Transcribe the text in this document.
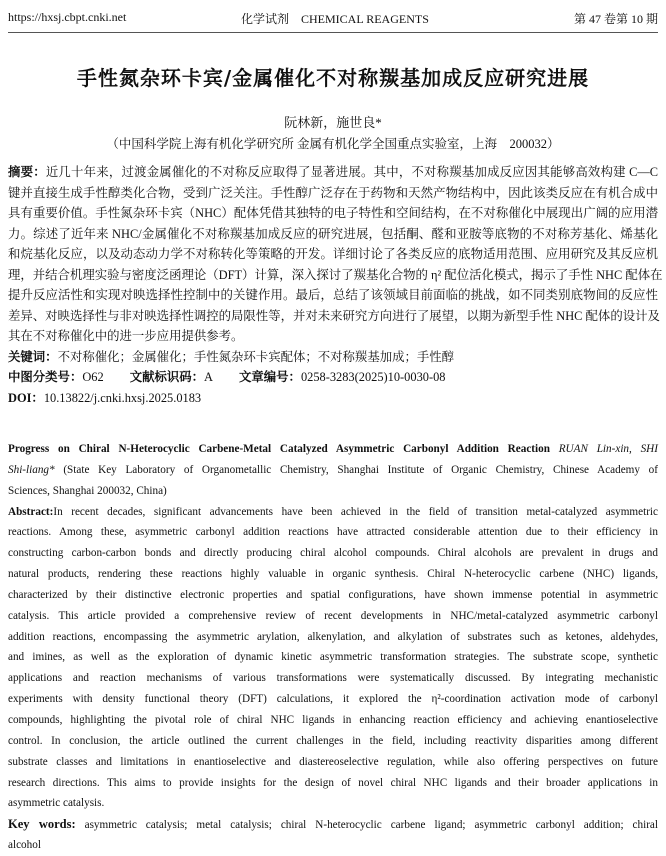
https://hxsj.cbpt.cnki.net	化学试剂　CHEMICAL REAGENTS	第 47 卷第 10 期
手性氮杂环卡宾/金属催化不对称羰基加成反应研究进展
阮林新，施世良*
（中国科学院上海有机化学研究所 金属有机化学全国重点实验室，上海　200032）
摘要：近几十年来，过渡金属催化的不对称反应取得了显著进展。其中，不对称羰基加成反应因其能够高效构建 C—C
键并直接生成手性醇类化合物，受到广泛关注。手性醇广泛存在于药物和天然产物结构中，因此该类反应在有机合成中
具有重要价值。手性氮杂环卡宾（NHC）配体凭借其独特的电子特性和空间结构，在不对称催化中展现出广阔的应用潜
力。综述了近年来 NHC/金属催化不对称羰基加成反应的研究进展，包括酮、醛和亚胺等底物的不对称芳基化、烯基化
和烷基化反应，以及动态动力学不对称转化等策略的开发。详细讨论了各类反应的底物适用范围、应用研究及其反应机
理，并结合机理实验与密度泛函理论（DFT）计算，深入探讨了羰基化合物的 η² 配位活化模式，揭示了手性 NHC 配体在
提升反应活性和实现对映选择性控制中的关键作用。最后，总结了该领域目前面临的挑战，如不同类别底物间的反应性
差异、对映选择性与非对映选择性调控的局限性等，并对未来研究方向进行了展望，以期为新型手性 NHC 配体的设计及
其在不对称催化中的进一步应用提供参考。
关键词：不对称催化；金属催化；手性氮杂环卡宾配体；不对称羰基加成；手性醇
中图分类号：O62 文献标识码：A 文章编号：0258-3283(2025)10-0030-08
DOI：10.13822/j.cnki.hxsj.2025.0183
Progress on Chiral N-Heterocyclic Carbene-Metal Catalyzed Asymmetric Carbonyl Addition Reaction RUAN Lin-xin, SHI
Shi-liang* (State Key Laboratory of Organometallic Chemistry, Shanghai Institute of Organic Chemistry, Chinese Academy of
Sciences, Shanghai 200032, China)
Abstract:In recent decades, significant advancements have been achieved in the field of transition metal-catalyzed asymmetric
reactions. Among these, asymmetric carbonyl addition reactions have attracted considerable attention due to their efficiency in
constructing carbon-carbon bonds and directly producing chiral alcohol compounds. Chiral alcohols are prevalent in drugs and
natural products, rendering these reactions highly valuable in organic synthesis. Chiral N-heterocyclic carbene (NHC) ligands,
characterized by their distinctive electronic properties and spatial configurations, have shown immense potential in asymmetric
catalysis. This article provided a comprehensive review of recent developments in NHC/metal-catalyzed asymmetric carbonyl
addition reactions, encompassing the asymmetric arylation, alkenylation, and alkylation of substrates such as ketones, aldehydes,
and imines, as well as the exploration of dynamic kinetic asymmetric transformation strategies. The substrate scope, synthetic
applications and reaction mechanisms of various transformations were systematically discussed. By integrating mechanistic
experiments with density functional theory (DFT) calculations, it explored the η²-coordination activation mode of carbonyl
compounds, highlighting the pivotal role of chiral NHC ligands in enhancing reaction efficiency and achieving enantioselective
control. In conclusion, the article outlined the current challenges in the field, including reactivity disparities among different
substrate classes and limitations in enantioselective and diastereoselective regulation, while also offering perspectives on future
research directions. This aims to provide insights for the design of novel chiral NHC ligands and their broader applications in
asymmetric catalysis.
Key words: asymmetric catalysis; metal catalysis; chiral N-heterocyclic carbene ligand; asymmetric carbonyl addition; chiral
alcohol
